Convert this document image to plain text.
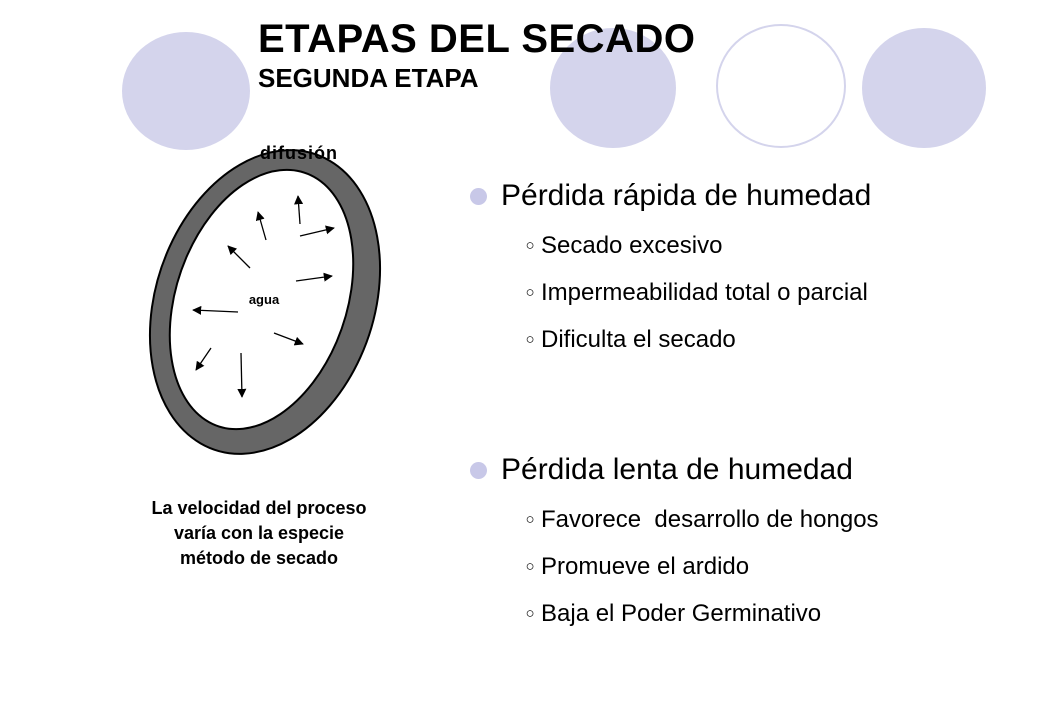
ETAPAS DEL SECADO
SEGUNDA ETAPA
difusión
agua
La velocidad del proceso
varía con la especie
método de secado
Pérdida rápida de humedad
○ Secado excesivo
○ Impermeabilidad total o parcial
○ Dificulta el secado
Pérdida lenta de humedad
○ Favorece  desarrollo de hongos
○ Promueve el ardido
○ Baja el Poder Germinativo
